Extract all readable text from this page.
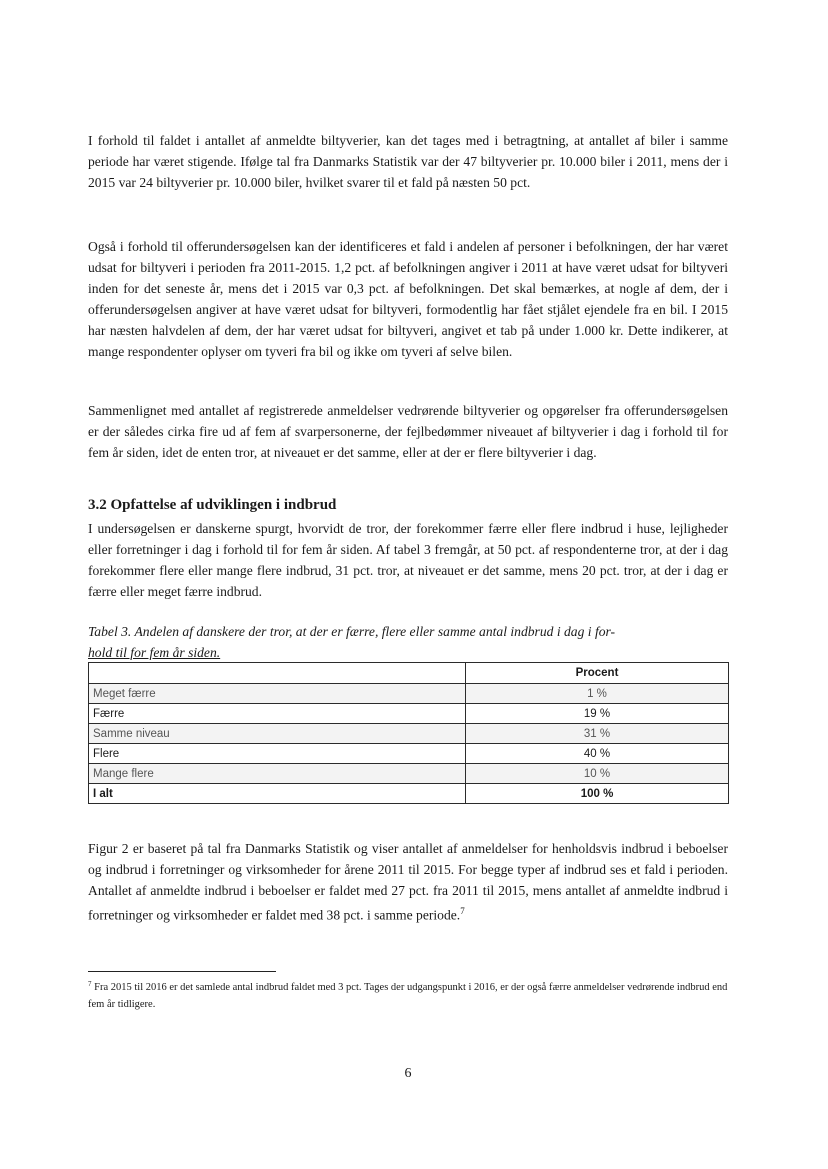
I forhold til faldet i antallet af anmeldte biltyverier, kan det tages med i betragtning, at antallet af biler i samme periode har været stigende. Ifølge tal fra Danmarks Statistik var der 47 biltyverier pr. 10.000 biler i 2011, mens der i 2015 var 24 biltyverier pr. 10.000 biler, hvilket svarer til et fald på næsten 50 pct.

Også i forhold til offerundersøgelsen kan der identificeres et fald i andelen af personer i befolkningen, der har været udsat for biltyveri i perioden fra 2011-2015. 1,2 pct. af befolkningen angiver i 2011 at have været udsat for biltyveri inden for det seneste år, mens det i 2015 var 0,3 pct. af befolkningen. Det skal bemærkes, at nogle af dem, der i offerundersøgelsen angiver at have været udsat for biltyveri, formodentlig har fået stjålet ejendele fra en bil. I 2015 har næsten halvdelen af dem, der har været udsat for biltyveri, angivet et tab på under 1.000 kr. Dette indikerer, at mange respondenter oplyser om tyveri fra bil og ikke om tyveri af selve bilen.

Sammenlignet med antallet af registrerede anmeldelser vedrørende biltyverier og opgørelser fra offerundersøgelsen er der således cirka fire ud af fem af svarpersonerne, der fejlbedømmer niveauet af biltyverier i dag i forhold til for fem år siden, idet de enten tror, at niveauet er det samme, eller at der er flere biltyverier i dag.

3.2 Opfattelse af udviklingen i indbrud

I undersøgelsen er danskerne spurgt, hvorvidt de tror, der forekommer færre eller flere indbrud i huse, lejligheder eller forretninger i dag i forhold til for fem år siden. Af tabel 3 fremgår, at 50 pct. af respondenterne tror, at der i dag forekommer flere eller mange flere indbrud, 31 pct. tror, at niveauet er det samme, mens 20 pct. tror, at der i dag er færre eller meget færre indbrud.

Tabel 3. Andelen af danskere der tror, at der er færre, flere eller samme antal indbrud i dag i for-
hold til for fem år siden.

	Procent
Meget færre	1 %
Færre	19 %
Samme niveau	31 %
Flere	40 %
Mange flere	10 %
I alt	100 %

Figur 2 er baseret på tal fra Danmarks Statistik og viser antallet af anmeldelser for henholdsvis indbrud i beboelser og indbrud i forretninger og virksomheder for årene 2011 til 2015. For begge typer af indbrud ses et fald i perioden. Antallet af anmeldte indbrud i beboelser er faldet med 27 pct. fra 2011 til 2015, mens antallet af anmeldte indbrud i forretninger og virksomheder er faldet med 38 pct. i samme periode.$^7$

$^7$ Fra 2015 til 2016 er det samlede antal indbrud faldet med 3 pct. Tages der udgangspunkt i 2016, er der også færre anmeldelser vedrørende indbrud end fem år tidligere.

6
